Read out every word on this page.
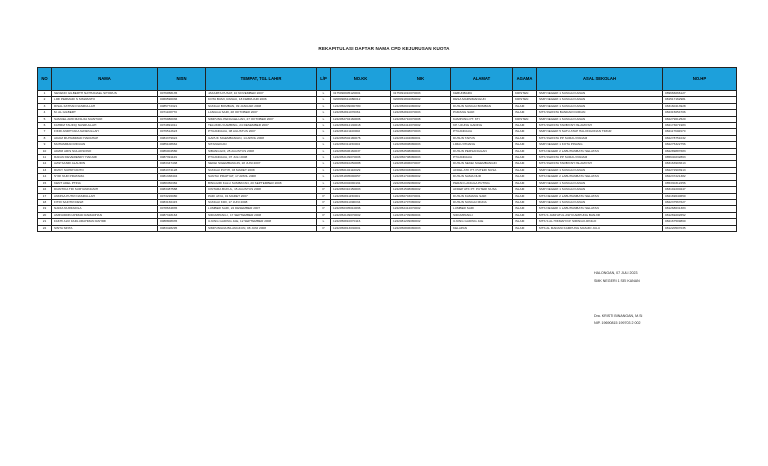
REKAPITULASI DAFTAR NAMA CPD KEJURUSAN KUOTA
NO	NAMA	NISN	TEMPAT, TGL LAHIR	L/P	NO.KK	NIK	ALAMAT	AGAMA	ASAL SEKOLAH	NO.HP
1	SEVENO GILBERTH NATHANAEL SITORUS	0076958135	JAKARTA PUSAT, 10 NOVEMBER 2007	L	3175090905120001	3175091010070003	KEBUNBARU	KRISTEN	SMP NEGERI 1 SUNGAI KANAN	089666066127
2	LIMI PERMADI S SISWANTO	0069590036	KOTA BUMI, RANAU, 18 FEBRUARI 2006	L	3208090611080012	3208091802060002	DESA MARSIMANGUN	KRISTEN	SMP NEGERI 1 SUNGAI KANAN	081517162981
3	RISAL FATHAN NASRULLAH	0085772321	SUNGAI BOMBAN, 09 JANUARI 2008	L	1222050209090780	1222050901080002	DUSUN SUNGAI BOMBAN	ISLAM	SMP NEGERI 1 SUNGAI KANAN	083160413928
4	M. AL GILBERT	0071108770	LANGGA SARI, 28 OKTOBER 2007	L	1222052811070061	1222052810070003	PURANG SARI	ISLAM	MTS SWASTA BANDAR DURIAN	082315054706
5	SAMUEL ARD MASUJA SIANTURI	0076980036	SIMPUNG PENGGELUAN, 27 OKTOBER 2007	L	1222052704160006	1222052710070008	KAMPUNG PT. KTI	KRISTEN	SMP NEGERI 1 SUNGAI KANAN	082279612520
6	FAHRIZ TAUFIQ NASRULLAH	0074891011	TELUKRU KAMBING, 24 DESEMBER 2007	L	1222050812130018	1222052412070002	KP. UJUNG GADING	ISLAM	MTS SWASTA TARBIYAH ISLAMIYAH	082173071983
7	FIKRI ANDHYAKA NASRULLAH	0079512623	PTUANDAUA, 08 AGUSTUS 2007	L	1222051101100002	1222050808070003	PTUANDAUA	ISLAM	SMP NEGERI 5 SATU ATAP HALONGONAN TIMUR	082117602970
8	ADAM MUHAMMAD HARAHAP	0084379924	GAPUK SIGEMBANGIN, 14 APRIL 2008	L	1222050502180076	1222051404080001	DUSUN TAPUS	ISLAM	MTS SWASTA PP SURAU PADAM	082278751032
9	MUHAMMAD RIDUAN	0085108662	SITANGKIAN	L	1222050311150004	1222050808080003	LIMAU PINANG	ISLAM	SMP NEGERI 1 KOTA PINANG	082275322756
10	ADZRI ARIS SULAKSONO	0086004580	SIBANGGOI, 25 AGUSTUS 2008	L	1222050606160037	1222052508080004	DUSUN PERSANGGAN	ISLAM	MTS NEGERI 2 LABUHANBATU SELATAN	082289887683
11	RAFAN DEVERENDY HAKAMI	0087391129	PTUANDAUA, 07 JULI 2008	L	1222052109070006	1222050708080003	PTUANDAUA	ISLAM	MTS SWASTA PP SURAU PADAM	085640232863
12	AZIZ SANDI ALAUDIN	0083347438	SEKEI SIGEMBANGIN, 18 JUNI 2007	L	1222050810250088	1222051806070007	DUSUN SEKEI SIGEMBANGIN	ISLAM	MTS SWASTA TARBIYAH ISLAMIYAH	083163903613
13	RIZKY SUPRIYANTO	0084374128	SUNGAI PUTIH, 03 MARET 2008	L	1222050102110029	1222050303080003	AFDEL ATK PT. PUTERI NUSA	ISLAM	SMP NEGERI 1 SUNGAI KANAN	082272903913
14	SYRI NUR PRATAMA	0081338404	SANTAI PRAPYAT, 17 APRIL 2008	L	1222051805090057	1222051704080002	DUSUN SAMA NUR	ISLAM	MTS NEGERI 2 LABUHANBATU SELATAN	082237221382
15	KENT ADEL PTINA	0088450382	BINGGIRI KALU SUMBAYAN, 20 SEPTEMBER 2008	L	1222052002090191	2222052009080002	PERAN LANGGA PUTING	ISLAM	SMP NEGERI 1 SUNGAI KANAN	085330312256
16	DIANTIKA TRI SURYANINGSIH	0083487588	CINTARA BUKUL, 15 AGUSTUS 2008	P	1222050310150003	1222051508080002	AFDEP ATK PT. PUTERI NUSA	ISLAM	SMP NEGERI 1 SUNGAI KANAN	083192200247
17	ANNISA PUTRI NASRULLAH	0073226080	PADI JAYA, 01 MARET 2007	P	1222050811150001	1222050703070001	DUSUN KAMANG SARI	ISLAM	MTS NEGERI 2 LABUHANBATU SELATAN	082169640650
18	FITRI SAFITRI DEWI	0083166415	SUNGAI KIRI, 17 JUNI 2008	P	1222050811090034	1222051707080002	DUSUN SUNGAI MUDA	ISLAM	SMP NEGERI 1 SUNGAI KANAN	082237567627
19	NADIA NURFADILA	0078634835	LUMBER SARI, 24 DESEMBER 2007	P	1222050305010096	1222052412070002	LUMBER SARI	ISLAM	MTS NEGERI 1 LABUHANBATU SELATAN	081268631383
20	AMINUDDIN AHMAD RAMADHAN	0087318163	SIDUMPANG I, 17 SEPTEMBER 2008	P	1222052109070002	1222051709080004	SIDUMPANG I	ISLAM	MTS S JAMI'ATUL ASH KAMPUNG BANJIR	081269202652
21	FAKHI ALVI FADLURAHMAN RAHIMI	0088808935	UJUNG GADING JAE, 12 SEPTEMBER 2008	L	1222050810070116	1222081209080002	UJUNG GADING JAE	ISLAM	MTS S AL HIKMAH KP. SIRINGO-RINGO	082167509860
22	SINTA SINTA	0083428295	SIMPUNGDA BILANGKUN, 08 JUNI 2008	P	1222050813030001	1222050806080003	KELAPAN	ISLAM	MTS AL MADANI KAMPUNG MASJID JULU	081220507035
HALONGAN, 07 JULI 2023
SMK NEGERI 1 SEI KANAN
Dra. KRISTI BINANGAN, M.Si
NIP. 19690815 199703 2 002
